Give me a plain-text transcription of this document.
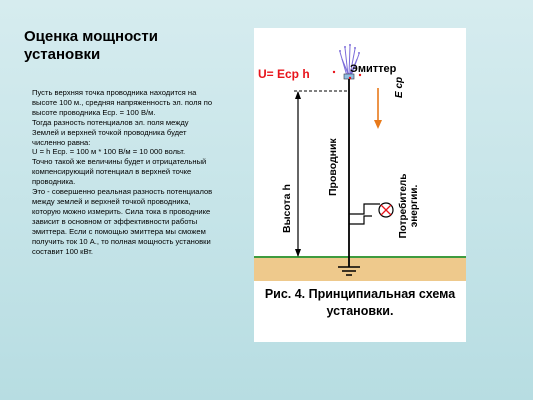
Оценка мощности установки

Пусть верхняя точка проводника находится на высоте 100 м., средняя напряженность эл. поля по высоте проводника Еср. = 100 В/м.

Тогда разность потенциалов эл. поля между Землей и верхней точкой проводника будет численно равна:

U = h Еср. = 100 м * 100 В/м = 10 000 вольт.

Точно такой же величины будет и отрицательный компенсирующий потенциал в верхней точке проводника.

Это - совершенно реальная разность потенциалов между землей и верхней точкой проводника, которую можно измерить. Сила тока в проводнике зависит в основном от эффективности работы эмиттера. Если с помощью эмиттера мы сможем получить ток 10 А., то полная мощность установки составит 100 кВт.

U= Eср h	Эмиттер
E ср
Высота h
Проводник
Потребитель энергии.
Рис. 4. Принципиальная схема установки.
